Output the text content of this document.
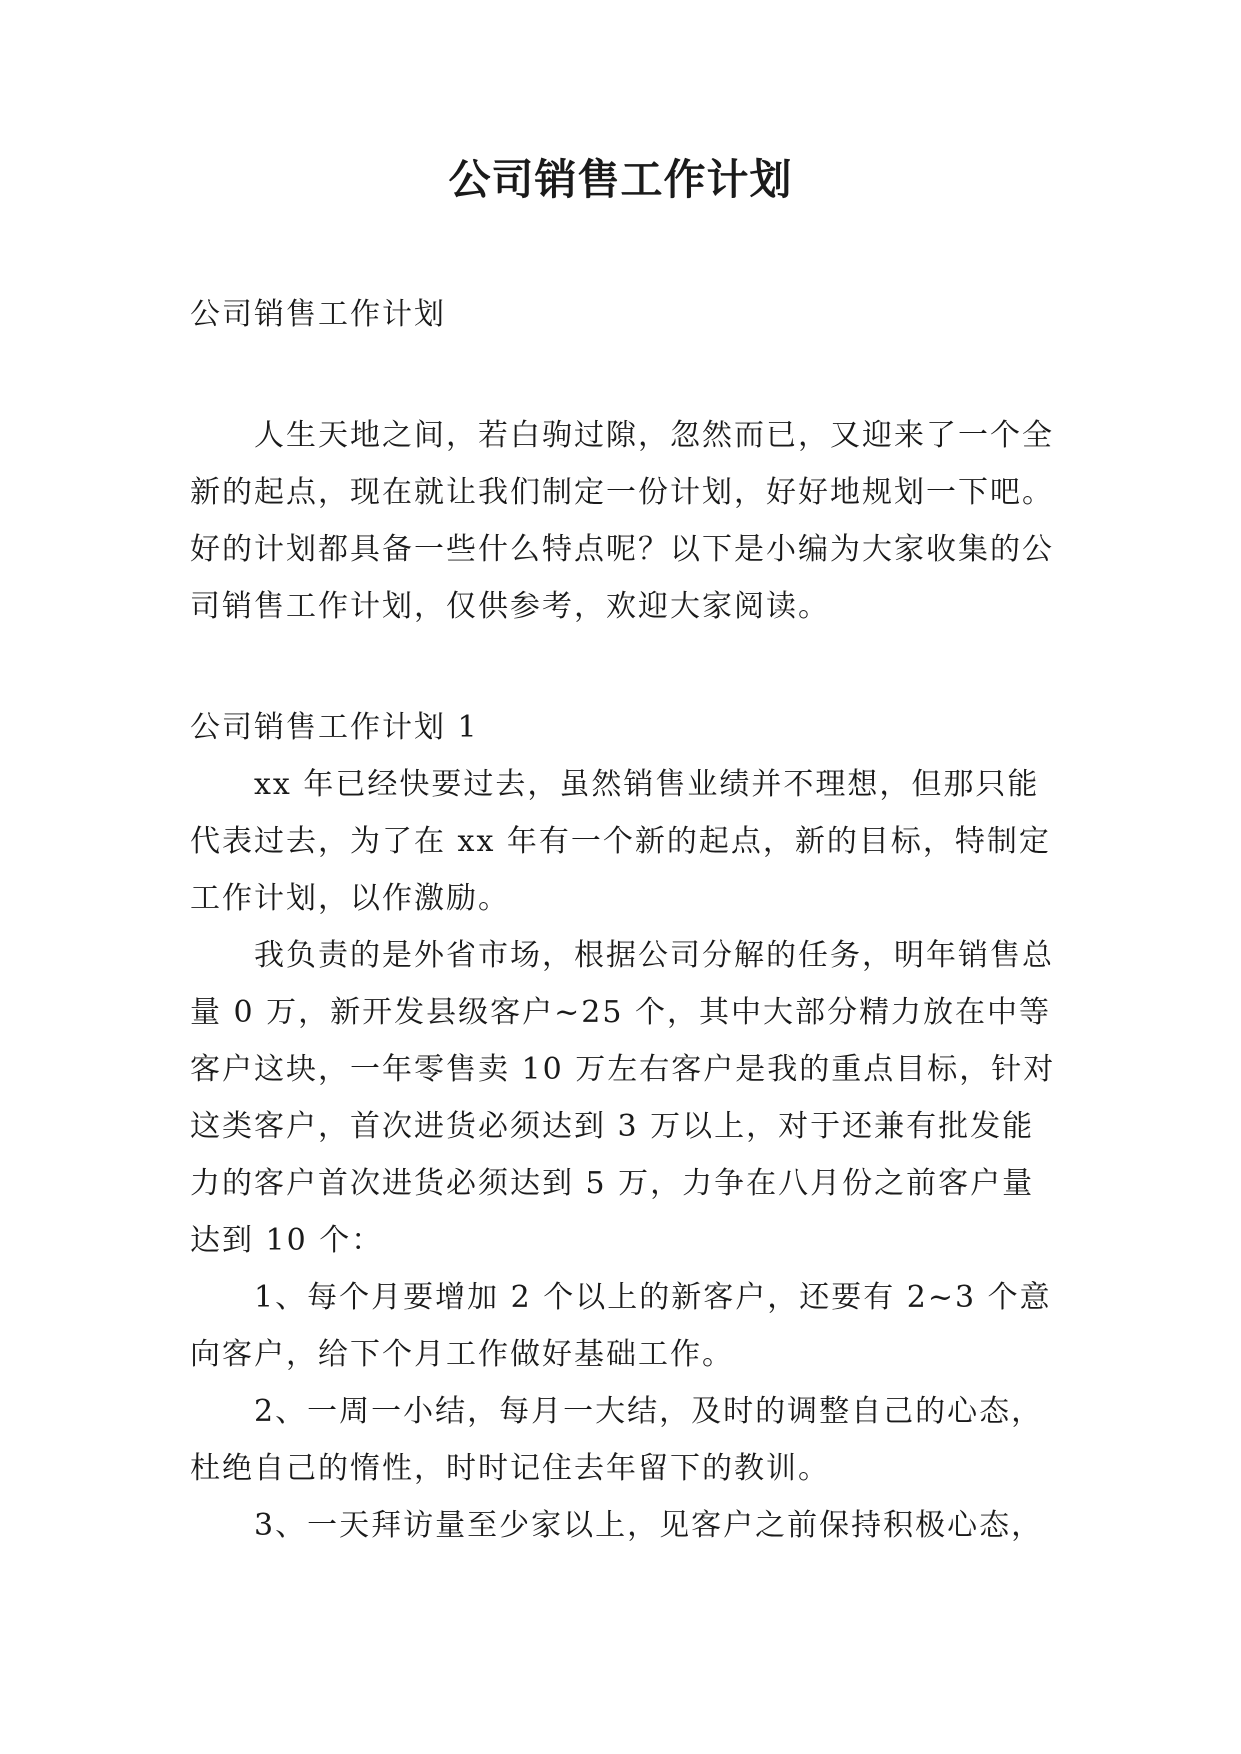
公司销售工作计划

公司销售工作计划

人生天地之间，若白驹过隙，忽然而已，又迎来了一个全新的起点，现在就让我们制定一份计划，好好地规划一下吧。好的计划都具备一些什么特点呢？以下是小编为大家收集的公司销售工作计划，仅供参考，欢迎大家阅读。

公司销售工作计划 1

xx 年已经快要过去，虽然销售业绩并不理想，但那只能代表过去，为了在 xx 年有一个新的起点，新的目标，特制定工作计划，以作激励。

我负责的是外省市场，根据公司分解的任务，明年销售总量 0 万，新开发县级客户~25 个，其中大部分精力放在中等客户这块，一年零售卖 10 万左右客户是我的重点目标，针对这类客户，首次进货必须达到 3 万以上，对于还兼有批发能力的客户首次进货必须达到 5 万，力争在八月份之前客户量达到 10 个：

1、每个月要增加 2 个以上的新客户，还要有 2~3 个意向客户，给下个月工作做好基础工作。

2、一周一小结，每月一大结，及时的调整自己的心态，杜绝自己的惰性，时时记住去年留下的教训。

3、一天拜访量至少家以上，见客户之前保持积极心态，
